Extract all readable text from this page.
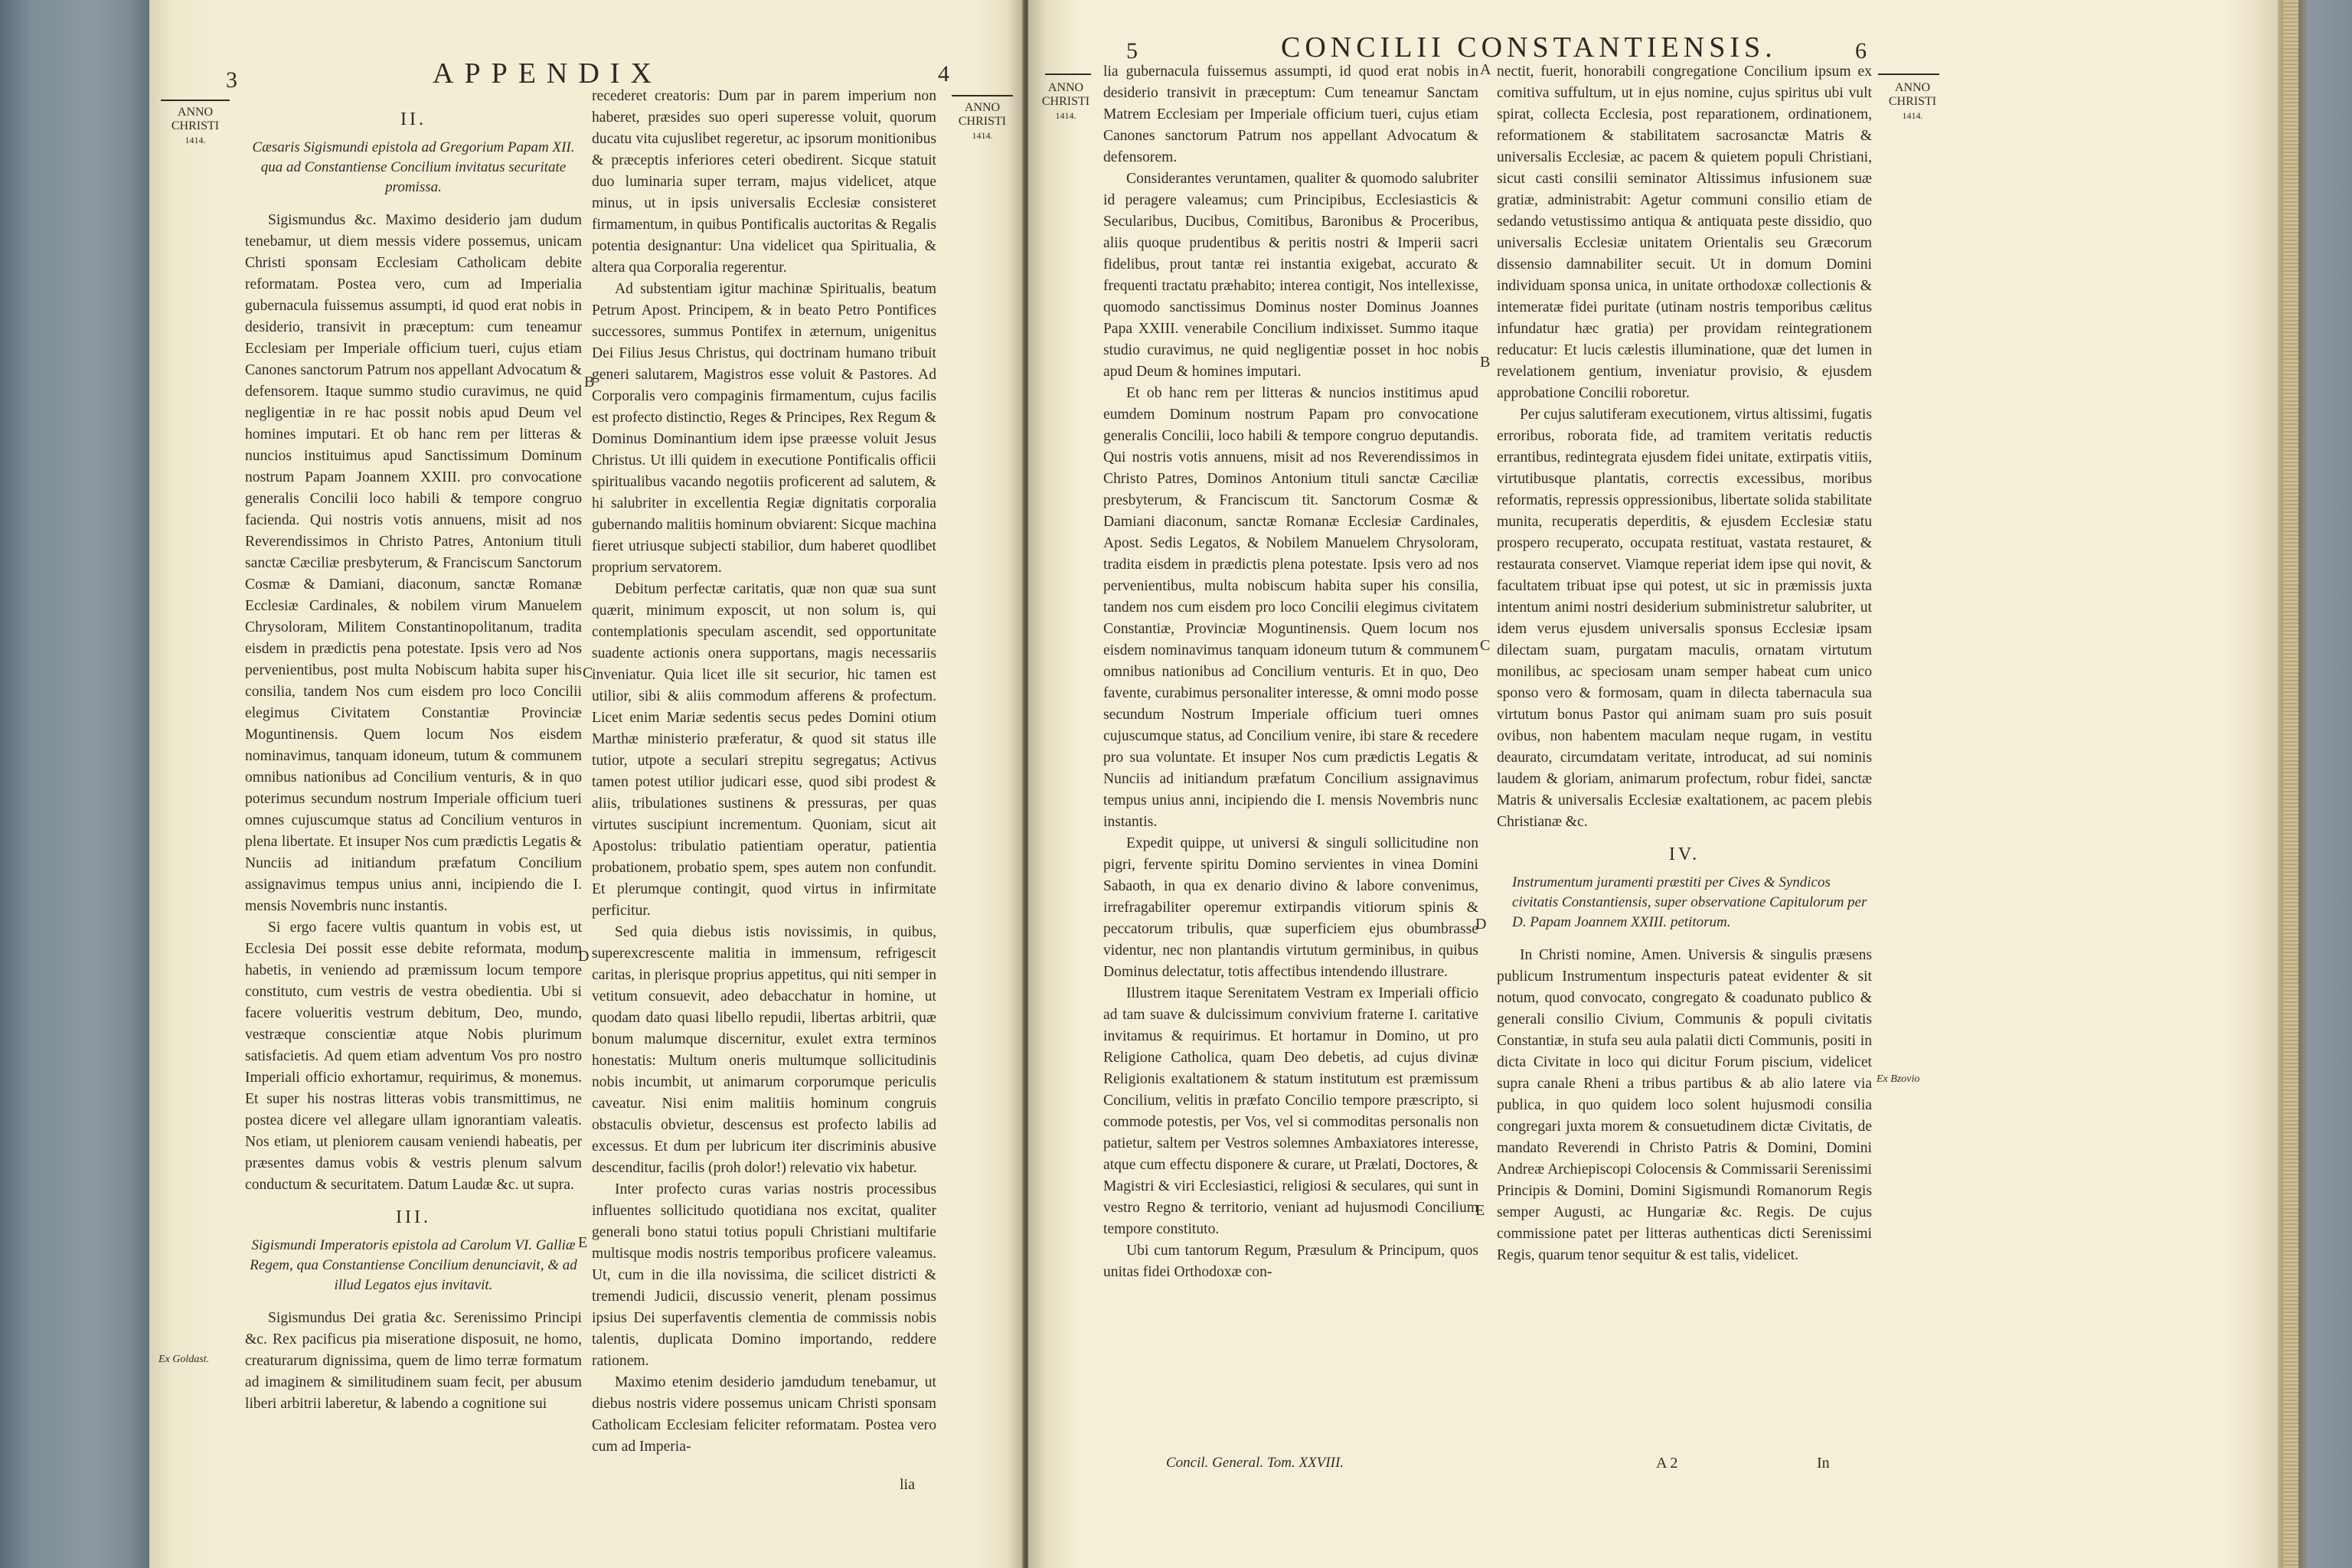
3	APPENDIX	4
ANNO
CHRISTI
1414.
ANNO
CHRISTI
1414.
II.
Cæsaris Sigismundi epistola ad Gregorium Papam XII. qua ad Constantiense Concilium invitatus securitate promissa.

Sigismundus &c. Maximo desiderio jam dudum tenebamur, ut diem messis videre possemus, unicam Christi sponsam Ecclesiam Catholicam debite reformatam. Postea vero, cum ad Imperialia gubernacula fuissemus assumpti, id quod erat nobis in desiderio, transivit in præceptum: cum teneamur Ecclesiam per Imperiale officium tueri, cujus etiam Canones sanctorum Patrum nos appellant Advocatum & defensorem. Itaque summo studio curavimus, ne quid negligentiæ in re hac possit nobis apud Deum vel homines imputari. Et ob hanc rem per litteras & nuncios instituimus apud Sanctissimum Dominum nostrum Papam Joannem XXIII. pro convocatione generalis Concilii loco habili & tempore congruo facienda. Qui nostris votis annuens, misit ad nos Reverendissimos in Christo Patres, Antonium tituli sanctæ Cæciliæ presbyterum, & Franciscum Sanctorum Cosmæ & Damiani, diaconum, sanctæ Romanæ Ecclesiæ Cardinales, & nobilem virum Manuelem Chrysoloram, Militem Constantinopolitanum, tradita eisdem in prædictis pena potestate. Ipsis vero ad Nos pervenientibus, post multa Nobiscum habita super his consilia, tandem Nos cum eisdem pro loco Concilii elegimus Civitatem Constantiæ Provinciæ Moguntinensis. Quem locum Nos eisdem nominavimus, tanquam idoneum, tutum & communem omnibus nationibus ad Concilium venturis, & in quo poterimus secundum nostrum Imperiale officium tueri omnes cujuscumque status ad Concilium venturos in plena libertate. Et insuper Nos cum prædictis Legatis & Nunciis ad initiandum præfatum Concilium assignavimus tempus unius anni, incipiendo die I. mensis Novembris nunc instantis.

Si ergo facere vultis quantum in vobis est, ut Ecclesia Dei possit esse debite reformata, modum habetis, in veniendo ad præmissum locum tempore constituto, cum vestris de vestra obedientia. Ubi si facere volueritis vestrum debitum, Deo, mundo, vestræque conscientiæ atque Nobis plurimum satisfacietis. Ad quem etiam adventum Vos pro nostro Imperiali officio exhortamur, requirimus, & monemus. Et super his nostras litteras vobis transmittimus, ne postea dicere vel allegare ullam ignorantiam valeatis. Nos etiam, ut pleniorem causam veniendi habeatis, per præsentes damus vobis & vestris plenum salvum conductum & securitatem. Datum Laudæ &c. ut supra.

III.
Sigismundi Imperatoris epistola ad Carolum VI. Galliæ Regem, qua Constantiense Concilium denunciavit, & ad illud Legatos ejus invitavit.

Sigismundus Dei gratia &c. Serenissimo Principi &c. Rex pacificus pia miseratione disposuit, ne homo, creaturarum dignissima, quem de limo terræ formatum ad imaginem & similitudinem suam fecit, per abusum liberi arbitrii laberetur, & labendo a cognitione sui

Ex Goldast.

recederet creatoris: Dum par in parem imperium non haberet, præsides suo operi superesse voluit, quorum ducatu vita cujuslibet regeretur, ac ipsorum monitionibus & præceptis inferiores ceteri obedirent. Sicque statuit duo luminaria super terram, majus videlicet, atque minus, ut in ipsis universalis Ecclesiæ consisteret firmamentum, in quibus Pontificalis auctoritas & Regalis potentia designantur: Una videlicet qua Spiritualia, & altera qua Corporalia regerentur.

Ad substentiam igitur machinæ Spiritualis, beatum Petrum Apost. Principem, & in beato Petro Pontifices successores, summus Pontifex in æternum, unigenitus Dei Filius Jesus Christus, qui doctrinam humano tribuit generi salutarem, Magistros esse voluit & Pastores. Ad Corporalis vero compaginis firmamentum, cujus facilis est profecto distinctio, Reges & Principes, Rex Regum & Dominus Dominantium idem ipse præesse voluit Jesus Christus. Ut illi quidem in executione Pontificalis officii spiritualibus vacando negotiis proficerent ad salutem, & hi salubriter in excellentia Regiæ dignitatis corporalia gubernando malitiis hominum obviarent: Sicque machina fieret utriusque subjecti stabilior, dum haberet quodlibet proprium servatorem.

Debitum perfectæ caritatis, quæ non quæ sua sunt quærit, minimum exposcit, ut non solum is, qui contemplationis speculam ascendit, sed opportunitate suadente actionis onera supportans, magis necessariis inveniatur. Quia licet ille sit securior, hic tamen est utilior, sibi & aliis commodum afferens & profectum. Licet enim Mariæ sedentis secus pedes Domini otium Marthæ ministerio præferatur, & quod sit status ille tutior, utpote a seculari strepitu segregatus; Activus tamen potest utilior judicari esse, quod sibi prodest & aliis, tribulationes sustinens & pressuras, per quas virtutes suscipiunt incrementum. Quoniam, sicut ait Apostolus: tribulatio patientiam operatur, patientia probationem, probatio spem, spes autem non confundit. Et plerumque contingit, quod virtus in infirmitate perficitur.

Sed quia diebus istis novissimis, in quibus, superexcrescente malitia in immensum, refrigescit caritas, in plerisque proprius appetitus, qui niti semper in vetitum consuevit, adeo debacchatur in homine, ut quodam dato quasi libello repudii, libertas arbitrii, quæ bonum malumque discernitur, exulet extra terminos honestatis: Multum oneris multumque sollicitudinis nobis incumbit, ut animarum corporumque periculis caveatur. Nisi enim malitiis hominum congruis obstaculis obvietur, descensus est profecto labilis ad excessus. Et dum per lubricum iter discriminis abusive descenditur, facilis (proh dolor!) relevatio vix habetur.

Inter profecto curas varias nostris processibus influentes sollicitudo quotidiana nos excitat, qualiter generali bono statui totius populi Christiani multifarie multisque modis nostris temporibus proficere valeamus. Ut, cum in die illa novissima, die scilicet districti & tremendi Judicii, discussio venerit, plenam possimus ipsius Dei superfaventis clementia de commissis nobis talentis, duplicata Domino importando, reddere rationem.

Maximo etenim desiderio jamdudum tenebamur, ut diebus nostris videre possemus unicam Christi sponsam Catholicam Ecclesiam feliciter reformatam. Postea vero cum ad Imperia-

B
C
D
E
lia
5	CONCILII CONSTANTIENSIS.	6
ANNO
CHRISTI
1414.
ANNO
CHRISTI
1414.

lia gubernacula fuissemus assumpti, id quod erat nobis in desiderio transivit in præceptum: Cum teneamur Sanctam Matrem Ecclesiam per Imperiale officium tueri, cujus etiam Canones sanctorum Patrum nos appellant Advocatum & defensorem.

Considerantes veruntamen, qualiter & quomodo salubriter id peragere valeamus; cum Principibus, Ecclesiasticis & Secularibus, Ducibus, Comitibus, Baronibus & Proceribus, aliis quoque prudentibus & peritis nostri & Imperii sacri fidelibus, prout tantæ rei instantia exigebat, accurato & frequenti tractatu præhabito; interea contigit, Nos intellexisse, quomodo sanctissimus Dominus noster Dominus Joannes Papa XXIII. venerabile Concilium indixisset. Summo itaque studio curavimus, ne quid negligentiæ posset in hoc nobis apud Deum & homines imputari.

Et ob hanc rem per litteras & nuncios institimus apud eumdem Dominum nostrum Papam pro convocatione generalis Concilii, loco habili & tempore congruo deputandis. Qui nostris votis annuens, misit ad nos Reverendissimos in Christo Patres, Dominos Antonium tituli sanctæ Cæciliæ presbyterum, & Franciscum tit. Sanctorum Cosmæ & Damiani diaconum, sanctæ Romanæ Ecclesiæ Cardinales, Apost. Sedis Legatos, & Nobilem Manuelem Chrysoloram, tradita eisdem in prædictis plena potestate. Ipsis vero ad nos pervenientibus, multa nobiscum habita super his consilia, tandem nos cum eisdem pro loco Concilii elegimus civitatem Constantiæ, Provinciæ Moguntinensis. Quem locum nos eisdem nominavimus tanquam idoneum tutum & communem omnibus nationibus ad Concilium venturis. Et in quo, Deo favente, curabimus personaliter interesse, & omni modo posse secundum Nostrum Imperiale officium tueri omnes cujuscumque status, ad Concilium venire, ibi stare & recedere pro sua voluntate. Et insuper Nos cum prædictis Legatis & Nunciis ad initiandum præfatum Concilium assignavimus tempus unius anni, incipiendo die I. mensis Novembris nunc instantis.

Expedit quippe, ut universi & singuli sollicitudine non pigri, fervente spiritu Domino servientes in vinea Domini Sabaoth, in qua ex denario divino & labore convenimus, irrefragabiliter operemur extirpandis vitiorum spinis & peccatorum tribulis, quæ superficiem ejus obumbrasse videntur, nec non plantandis virtutum germinibus, in quibus Dominus delectatur, totis affectibus intendendo illustrare.

Illustrem itaque Serenitatem Vestram ex Imperiali officio ad tam suave & dulcissimum convivium fraterne I. caritative invitamus & requirimus. Et hortamur in Domino, ut pro Religione Catholica, quam Deo debetis, ad cujus divinæ Religionis exaltationem & statum institutum est præmissum Concilium, velitis in præfato Concilio tempore præscripto, si commode potestis, per Vos, vel si commoditas personalis non patietur, saltem per Vestros solemnes Ambaxiatores interesse, atque cum effectu disponere & curare, ut Prælati, Doctores, & Magistri & viri Ecclesiastici, religiosi & seculares, qui sunt in vestro Regno & territorio, veniant ad hujusmodi Concilium tempore constituto.

Ubi cum tantorum Regum, Præsulum & Principum, quos unitas fidei Orthodoxæ con-

A
B
C
D
E

nectit, fuerit, honorabili congregatione Concilium ipsum ex comitiva suffultum, ut in ejus nomine, cujus spiritus ubi vult spirat, collecta Ecclesia, post reparationem, ordinationem, reformationem & stabilitatem sacrosanctæ Matris & universalis Ecclesiæ, ac pacem & quietem populi Christiani, sicut casti consilii seminator Altissimus infusionem suæ gratiæ, administrabit: Agetur communi consilio etiam de sedando vetustissimo antiqua & antiquata peste dissidio, quo universalis Ecclesiæ unitatem Orientalis seu Græcorum dissensio damnabiliter secuit. Ut in domum Domini individuam sponsa unica, in unitate orthodoxæ collectionis & intemeratæ fidei puritate (utinam nostris temporibus cælitus infundatur hæc gratia) per providam reintegrationem reducatur: Et lucis cælestis illuminatione, quæ det lumen in revelationem gentium, inveniatur provisio, & ejusdem approbatione Concilii roboretur.

Per cujus salutiferam executionem, virtus altissimi, fugatis erroribus, roborata fide, ad tramitem veritatis reductis errantibus, redintegrata ejusdem fidei unitate, extirpatis vitiis, virtutibusque plantatis, correctis excessibus, moribus reformatis, repressis oppressionibus, libertate solida stabilitate munita, recuperatis deperditis, & ejusdem Ecclesiæ statu prospero recuperato, occupata restituat, vastata restauret, & restaurata conservet. Viamque reperiat idem ipse qui novit, & facultatem tribuat ipse qui potest, ut sic in præmissis juxta intentum animi nostri desiderium subministretur salubriter, ut idem verus ejusdem universalis sponsus Ecclesiæ ipsam dilectam suam, purgatam maculis, ornatam virtutum monilibus, ac speciosam unam semper habeat cum unico sponso vero & formosam, quam in dilecta tabernacula sua virtutum bonus Pastor qui animam suam pro suis posuit ovibus, non habentem maculam neque rugam, in vestitu deaurato, circumdatam veritate, introducat, ad sui nominis laudem & gloriam, animarum profectum, robur fidei, sanctæ Matris & universalis Ecclesiæ exaltationem, ac pacem plebis Christianæ &c.

IV.
Instrumentum juramenti præstiti per Cives & Syndicos civitatis Constantiensis, super observatione Capitulorum per D. Papam Joannem XXIII. petitorum.

In Christi nomine, Amen. Universis & singulis præsens publicum Instrumentum inspecturis pateat evidenter & sit notum, quod convocato, congregato & coadunato publico & generali consilio Civium, Communis & populi civitatis Constantiæ, in stufa seu aula palatii dicti Communis, positi in dicta Civitate in loco qui dicitur Forum piscium, videlicet supra canale Rheni a tribus partibus & ab alio latere via publica, in quo quidem loco solent hujusmodi consilia congregari juxta morem & consuetudinem dictæ Civitatis, de mandato Reverendi in Christo Patris & Domini, Domini Andreæ Archiepiscopi Colocensis & Commissarii Serenissimi Principis & Domini, Domini Sigismundi Romanorum Regis semper Augusti, ac Hungariæ &c. Regis. De cujus commissione patet per litteras authenticas dicti Serenissimi Regis, quarum tenor sequitur & est talis, videlicet.

Ex Bzovio
Concil. General. Tom. XXVIII.	A 2	In
